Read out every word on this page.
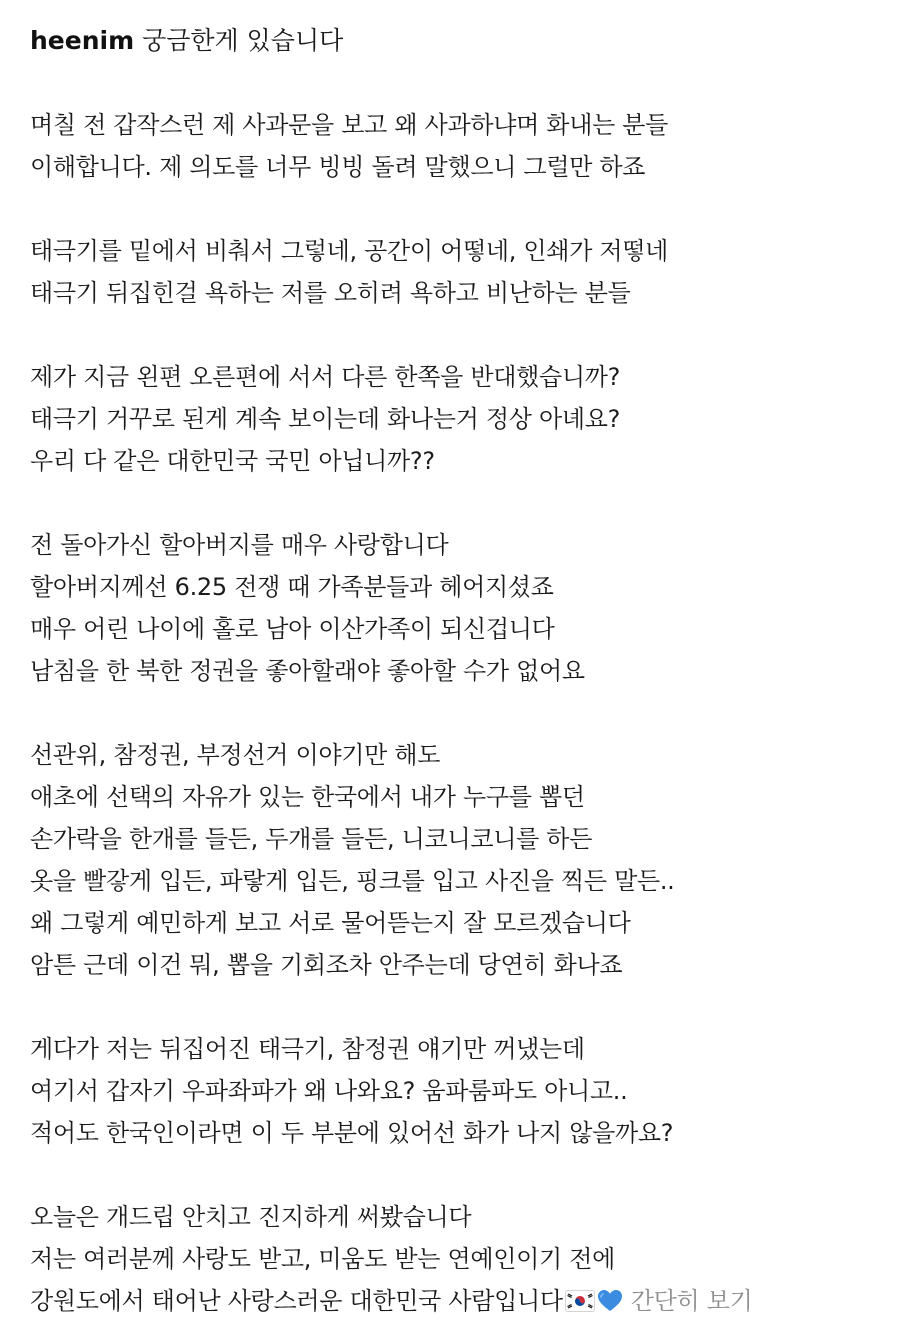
heenim 궁금한게 있습니다
며칠 전 갑작스런 제 사과문을 보고 왜 사과하냐며 화내는 분들
이해합니다. 제 의도를 너무 빙빙 돌려 말했으니 그럴만 하죠
태극기를 밑에서 비춰서 그렇네, 공간이 어떻네, 인쇄가 저떻네
태극기 뒤집힌걸 욕하는 저를 오히려 욕하고 비난하는 분들
제가 지금 왼편 오른편에 서서 다른 한쪽을 반대했습니까?
태극기 거꾸로 된게 계속 보이는데 화나는거 정상 아녜요?
우리 다 같은 대한민국 국민 아닙니까??
전 돌아가신 할아버지를 매우 사랑합니다
할아버지께선 6.25 전쟁 때 가족분들과 헤어지셨죠
매우 어린 나이에 홀로 남아 이산가족이 되신겁니다
남침을 한 북한 정권을 좋아할래야 좋아할 수가 없어요
선관위, 참정권, 부정선거 이야기만 해도
애초에 선택의 자유가 있는 한국에서 내가 누구를 뽑던
손가락을 한개를 들든, 두개를 들든, 니코니코니를 하든
옷을 빨갛게 입든, 파랗게 입든, 핑크를 입고 사진을 찍든 말든..
왜 그렇게 예민하게 보고 서로 물어뜯는지 잘 모르겠습니다
암튼 근데 이건 뭐, 뽑을 기회조차 안주는데 당연히 화나죠
게다가 저는 뒤집어진 태극기, 참정권 얘기만 꺼냈는데
여기서 갑자기 우파좌파가 왜 나와요? 움파룸파도 아니고..
적어도 한국인이라면 이 두 부분에 있어선 화가 나지 않을까요?
오늘은 개드립 안치고 진지하게 써봤습니다
저는 여러분께 사랑도 받고, 미움도 받는 연예인이기 전에
강원도에서 태어난 사랑스러운 대한민국 사람입니다	간단히 보기
